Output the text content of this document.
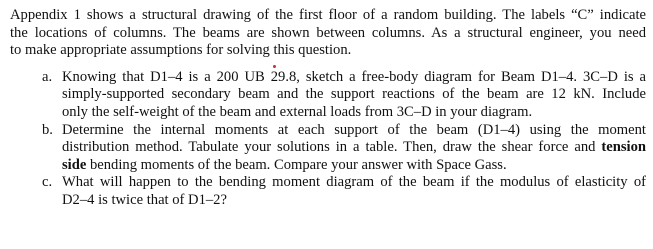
Appendix 1 shows a structural drawing of the first floor of a random building. The labels “C” indicate
the locations of columns. The beams are shown between columns. As a structural engineer, you need
to make appropriate assumptions for solving this question.

a. Knowing that D1–4 is a 200 UB 2
9.8, sketch a free-body diagram for Beam D1–4. 3C–D is a
simply-supported secondary beam and the support reactions of the beam are 12 kN. Include
only the self-weight of the beam and external loads from 3C–D in your diagram.
b. Determine the internal moments at each support of the beam (D1–4) using the moment
distribution method. Tabulate your solutions in a table. Then, draw the shear force and tension
side bending moments of the beam. Compare your answer with Space Gass.
c. What will happen to the bending moment diagram of the beam if the modulus of elasticity of
D2–4 is twice that of D1–2?
